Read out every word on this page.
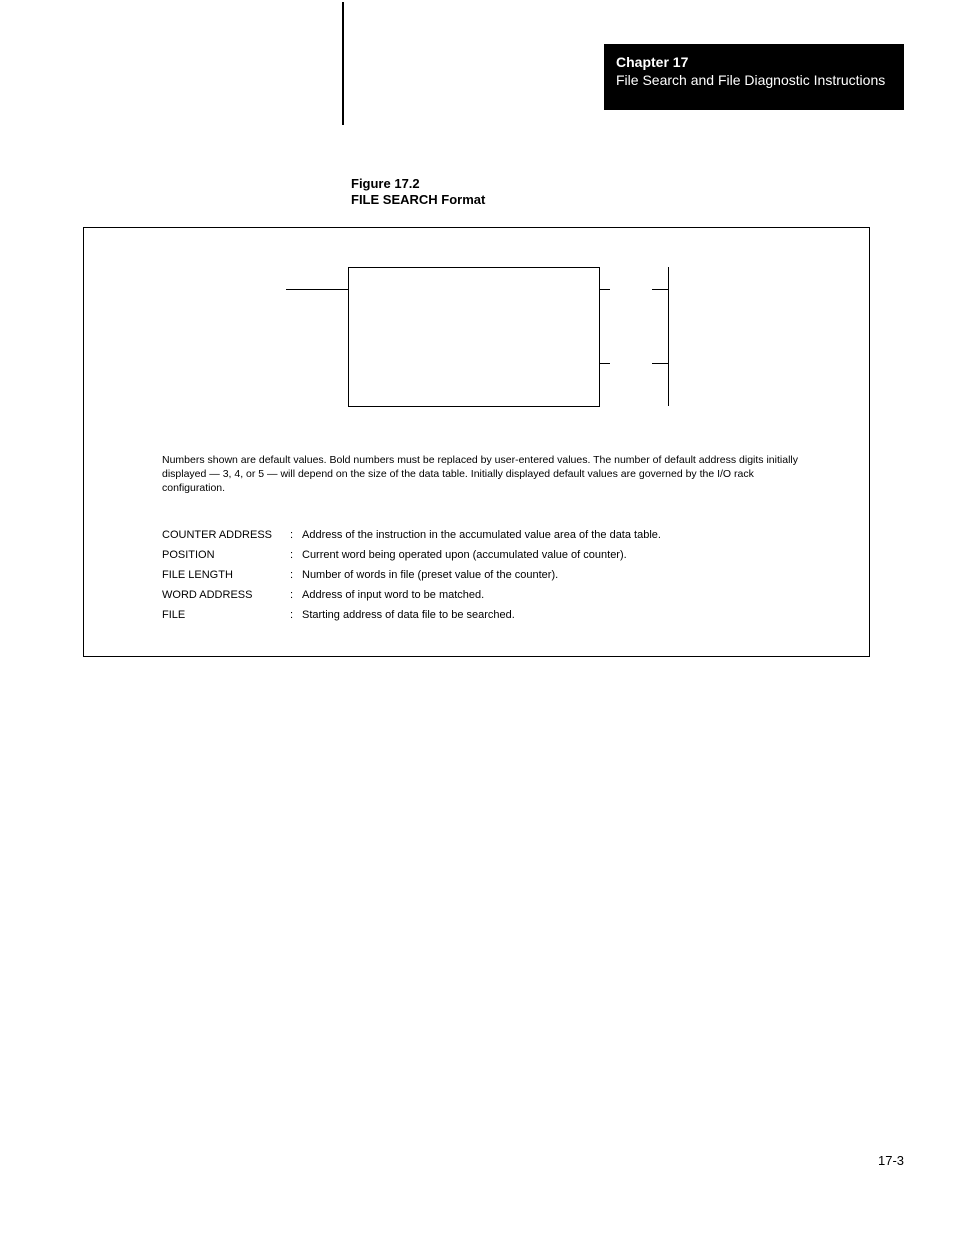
Chapter 17
File Search and File Diagnostic Instructions
Figure 17.2
FILE SEARCH Format
Numbers shown are default values. Bold numbers must be replaced by user-entered values. The number of default address digits initially displayed — 3, 4, or 5 — will depend on the size of the data table. Initially displayed default values are governed by the I/O rack configuration.
COUNTER ADDRESS	: Address of the instruction in the accumulated value area of the data table.
POSITION	: Current word being operated upon (accumulated value of counter).
FILE LENGTH	: Number of words in file (preset value of the counter).
WORD ADDRESS	: Address of input word to be matched.
FILE	: Starting address of data file to be searched.
17-3
